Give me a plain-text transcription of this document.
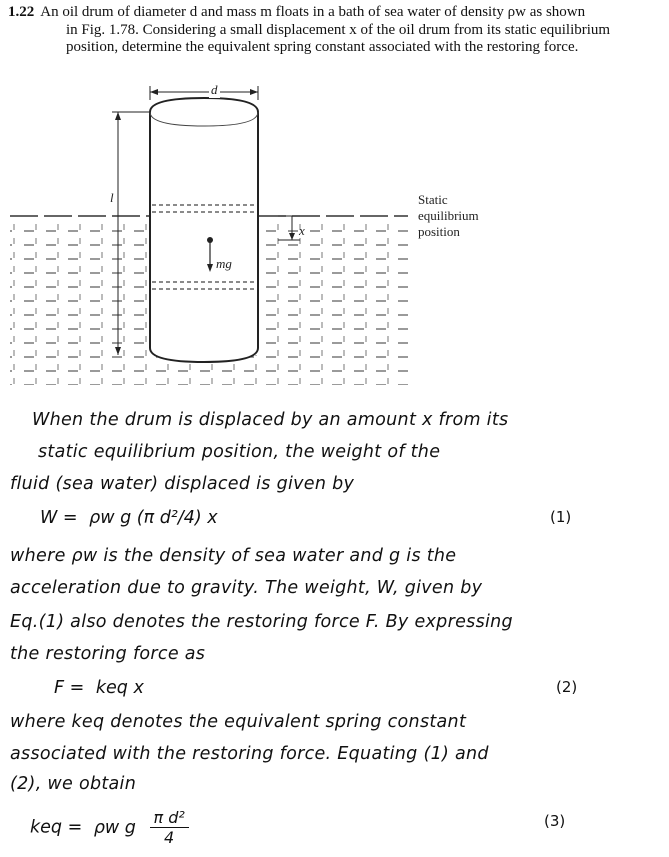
1.22 An oil drum of diameter d and mass m floats in a bath of sea water of density ρw as shown
in Fig. 1.78. Considering a small displacement x of the oil drum from its static equilibrium
position, determine the equivalent spring constant associated with the restoring force.
d
l
mg
x
Static
equilibrium
position
When the drum is displaced by an amount x from its
static equilibrium position, the weight of the
fluid (sea water) displaced is given by
W = ρw g (π d²/4) x	(1)
where ρw is the density of sea water and g is the
acceleration due to gravity. The weight, W, given by
Eq.(1) also denotes the restoring force F. By expressing
the restoring force as
F = keq x	(2)
where keq denotes the equivalent spring constant
associated with the restoring force. Equating (1) and
(2), we obtain
keq = ρw g $\frac{\text{π d²}}{4}$	(3)
